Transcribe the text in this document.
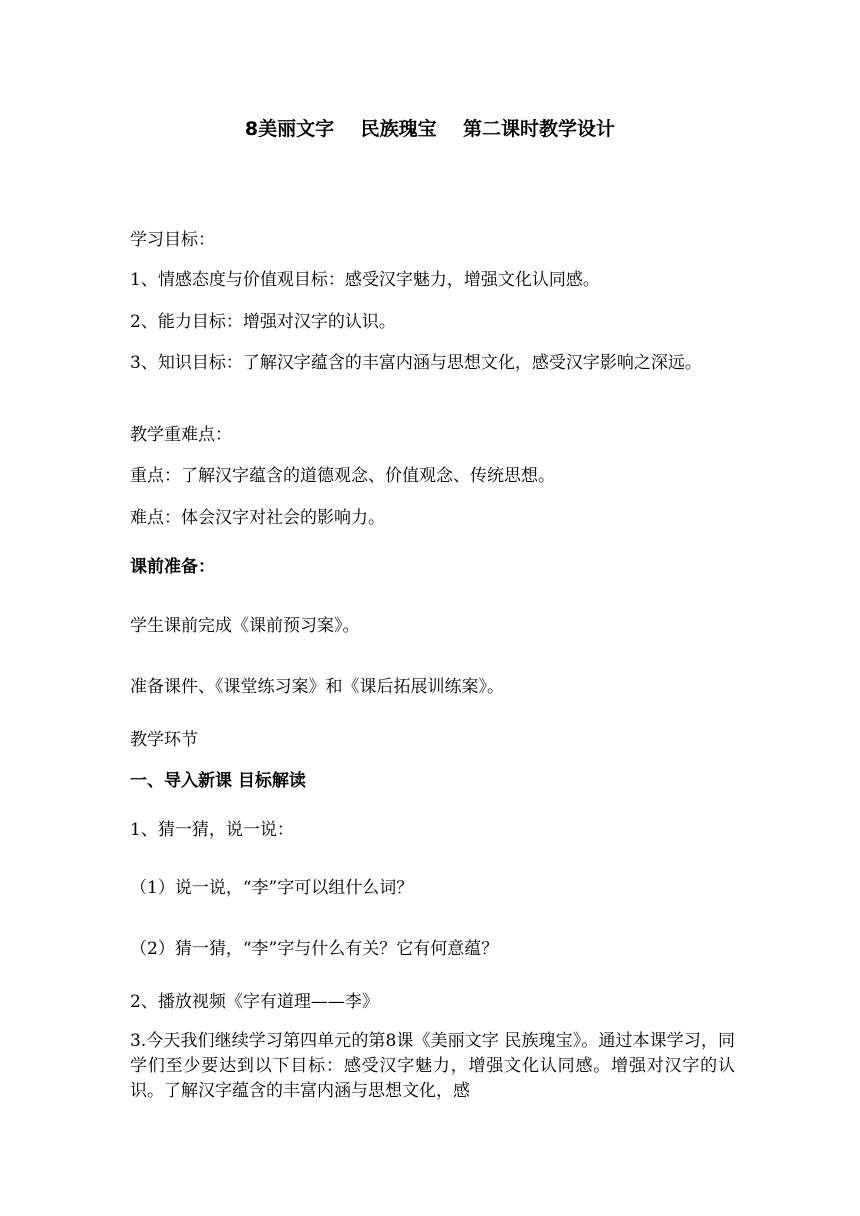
8美丽文字    民族瑰宝    第二课时教学设计

学习目标：

1、情感态度与价值观目标：感受汉字魅力，增强文化认同感。

2、能力目标：增强对汉字的认识。

3、知识目标：了解汉字蕴含的丰富内涵与思想文化，感受汉字影响之深远。

教学重难点：

重点：了解汉字蕴含的道德观念、价值观念、传统思想。

难点：体会汉字对社会的影响力。

课前准备：

学生课前完成《课前预习案》。

准备课件、《课堂练习案》和《课后拓展训练案》。

教学环节

一、导入新课 目标解读

1、猜一猜，说一说：

（1）说一说，“李”字可以组什么词？

（2）猜一猜，“李”字与什么有关？它有何意蕴？

2、播放视频《字有道理——李》

3.今天我们继续学习第四单元的第8课《美丽文字 民族瑰宝》。通过本课学习，同学们至少要达到以下目标：感受汉字魅力，增强文化认同感。增强对汉字的认识。了解汉字蕴含的丰富内涵与思想文化，感
